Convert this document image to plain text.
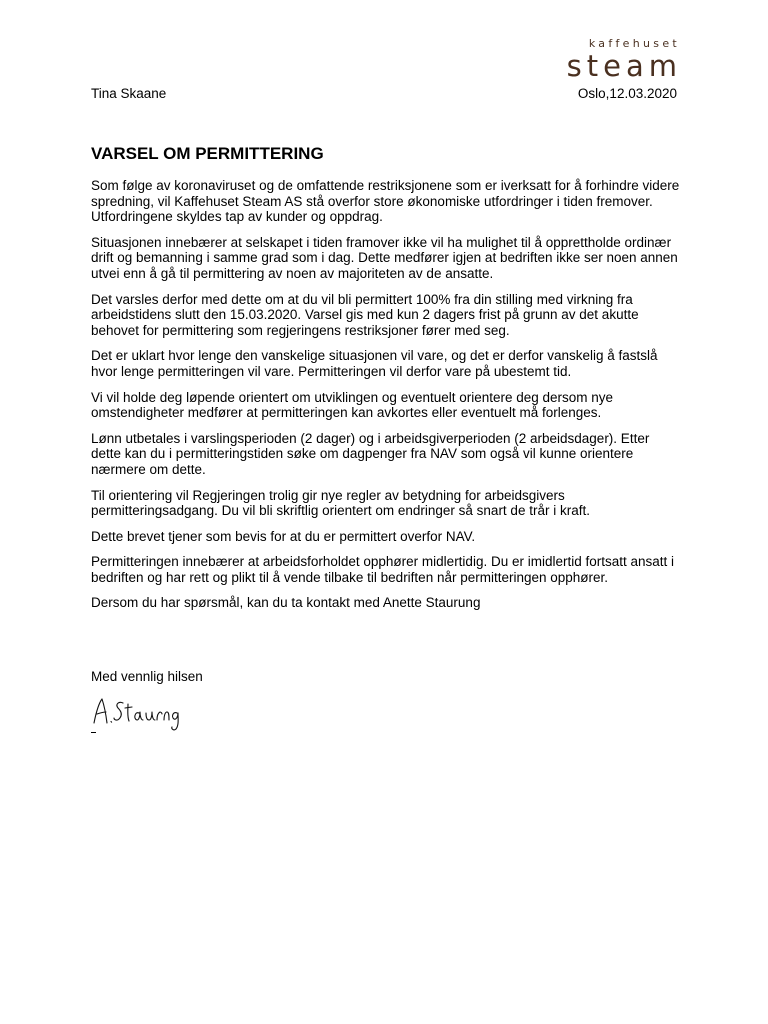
kaffehuset
steam
Tina Skaane	Oslo,12.03.2020
VARSEL OM PERMITTERING

Som følge av koronaviruset og de omfattende restriksjonene som er iverksatt for å forhindre videre spredning, vil Kaffehuset Steam AS stå overfor store økonomiske utfordringer i tiden fremover. Utfordringene skyldes tap av kunder og oppdrag.

Situasjonen innebærer at selskapet i tiden framover ikke vil ha mulighet til å opprettholde ordinær drift og bemanning i samme grad som i dag. Dette medfører igjen at bedriften ikke ser noen annen utvei enn å gå til permittering av noen av majoriteten av de ansatte.

Det varsles derfor med dette om at du vil bli permittert 100% fra din stilling med virkning fra arbeidstidens slutt den 15.03.2020. Varsel gis med kun 2 dagers frist på grunn av det akutte behovet for permittering som regjeringens restriksjoner fører med seg.

Det er uklart hvor lenge den vanskelige situasjonen vil vare, og det er derfor vanskelig å fastslå hvor lenge permitteringen vil vare. Permitteringen vil derfor vare på ubestemt tid.

Vi vil holde deg løpende orientert om utviklingen og eventuelt orientere deg dersom nye omstendigheter medfører at permitteringen kan avkortes eller eventuelt må forlenges.

Lønn utbetales i varslingsperioden (2 dager) og i arbeidsgiverperioden (2 arbeidsdager). Etter dette kan du i permitteringstiden søke om dagpenger fra NAV som også vil kunne orientere nærmere om dette.

Til orientering vil Regjeringen trolig gir nye regler av betydning for arbeidsgivers permitteringsadgang. Du vil bli skriftlig orientert om endringer så snart de trår i kraft.

Dette brevet tjener som bevis for at du er permittert overfor NAV.

Permitteringen innebærer at arbeidsforholdet opphører midlertidig. Du er imidlertid fortsatt ansatt i bedriften og har rett og plikt til å vende tilbake til bedriften når permitteringen opphører.

Dersom du har spørsmål, kan du ta kontakt med Anette Staurung

Med vennlig hilsen
